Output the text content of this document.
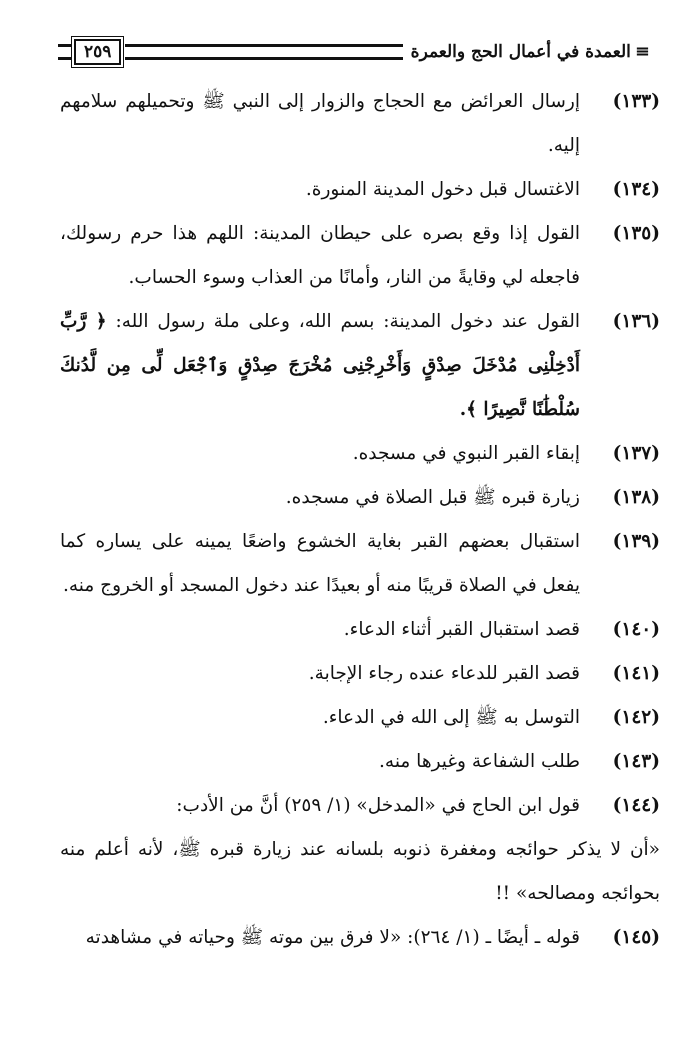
≡
العمدة في أعمال الحج والعمرة
٢٥٩
(١٣٣)
إرسال العرائض مع الحجاج والزوار إلى النبي ﷺ وتحميلهم سلامهم إليه.
(١٣٤)
الاغتسال قبل دخول المدينة المنورة.
(١٣٥)
القول إذا وقع بصره على حيطان المدينة: اللهم هذا حرم رسولك، فاجعله لي وقايةً من النار، وأمانًا من العذاب وسوء الحساب.
(١٣٦)
القول عند دخول المدينة: بسم الله، وعلى ملة رسول الله: ﴿ رَّبِّ أَدْخِلْنِى مُدْخَلَ صِدْقٍ وَأَخْرِجْنِى مُخْرَجَ صِدْقٍ وَٱجْعَل لِّى مِن لَّدُنكَ سُلْطَٰنًا نَّصِيرًا ﴾.
(١٣٧)
إبقاء القبر النبوي في مسجده.
(١٣٨)
زيارة قبره ﷺ قبل الصلاة في مسجده.
(١٣٩)
استقبال بعضهم القبر بغاية الخشوع واضعًا يمينه على يساره كما يفعل في الصلاة قريبًا منه أو بعيدًا عند دخول المسجد أو الخروج منه.
(١٤٠)
قصد استقبال القبر أثناء الدعاء.
(١٤١)
قصد القبر للدعاء عنده رجاء الإجابة.
(١٤٢)
التوسل به ﷺ إلى الله في الدعاء.
(١٤٣)
طلب الشفاعة وغيرها منه.
(١٤٤)
قول ابن الحاج في «المدخل» (١/ ٢٥٩) أنَّ من الأدب:
«أن لا يذكر حوائجه ومغفرة ذنوبه بلسانه عند زيارة قبره ﷺ، لأنه أعلم منه بحوائجه ومصالحه» !!
(١٤٥)
قوله ـ أيضًا ـ (١/ ٢٦٤): «لا فرق بين موته ﷺ وحياته في مشاهدته
